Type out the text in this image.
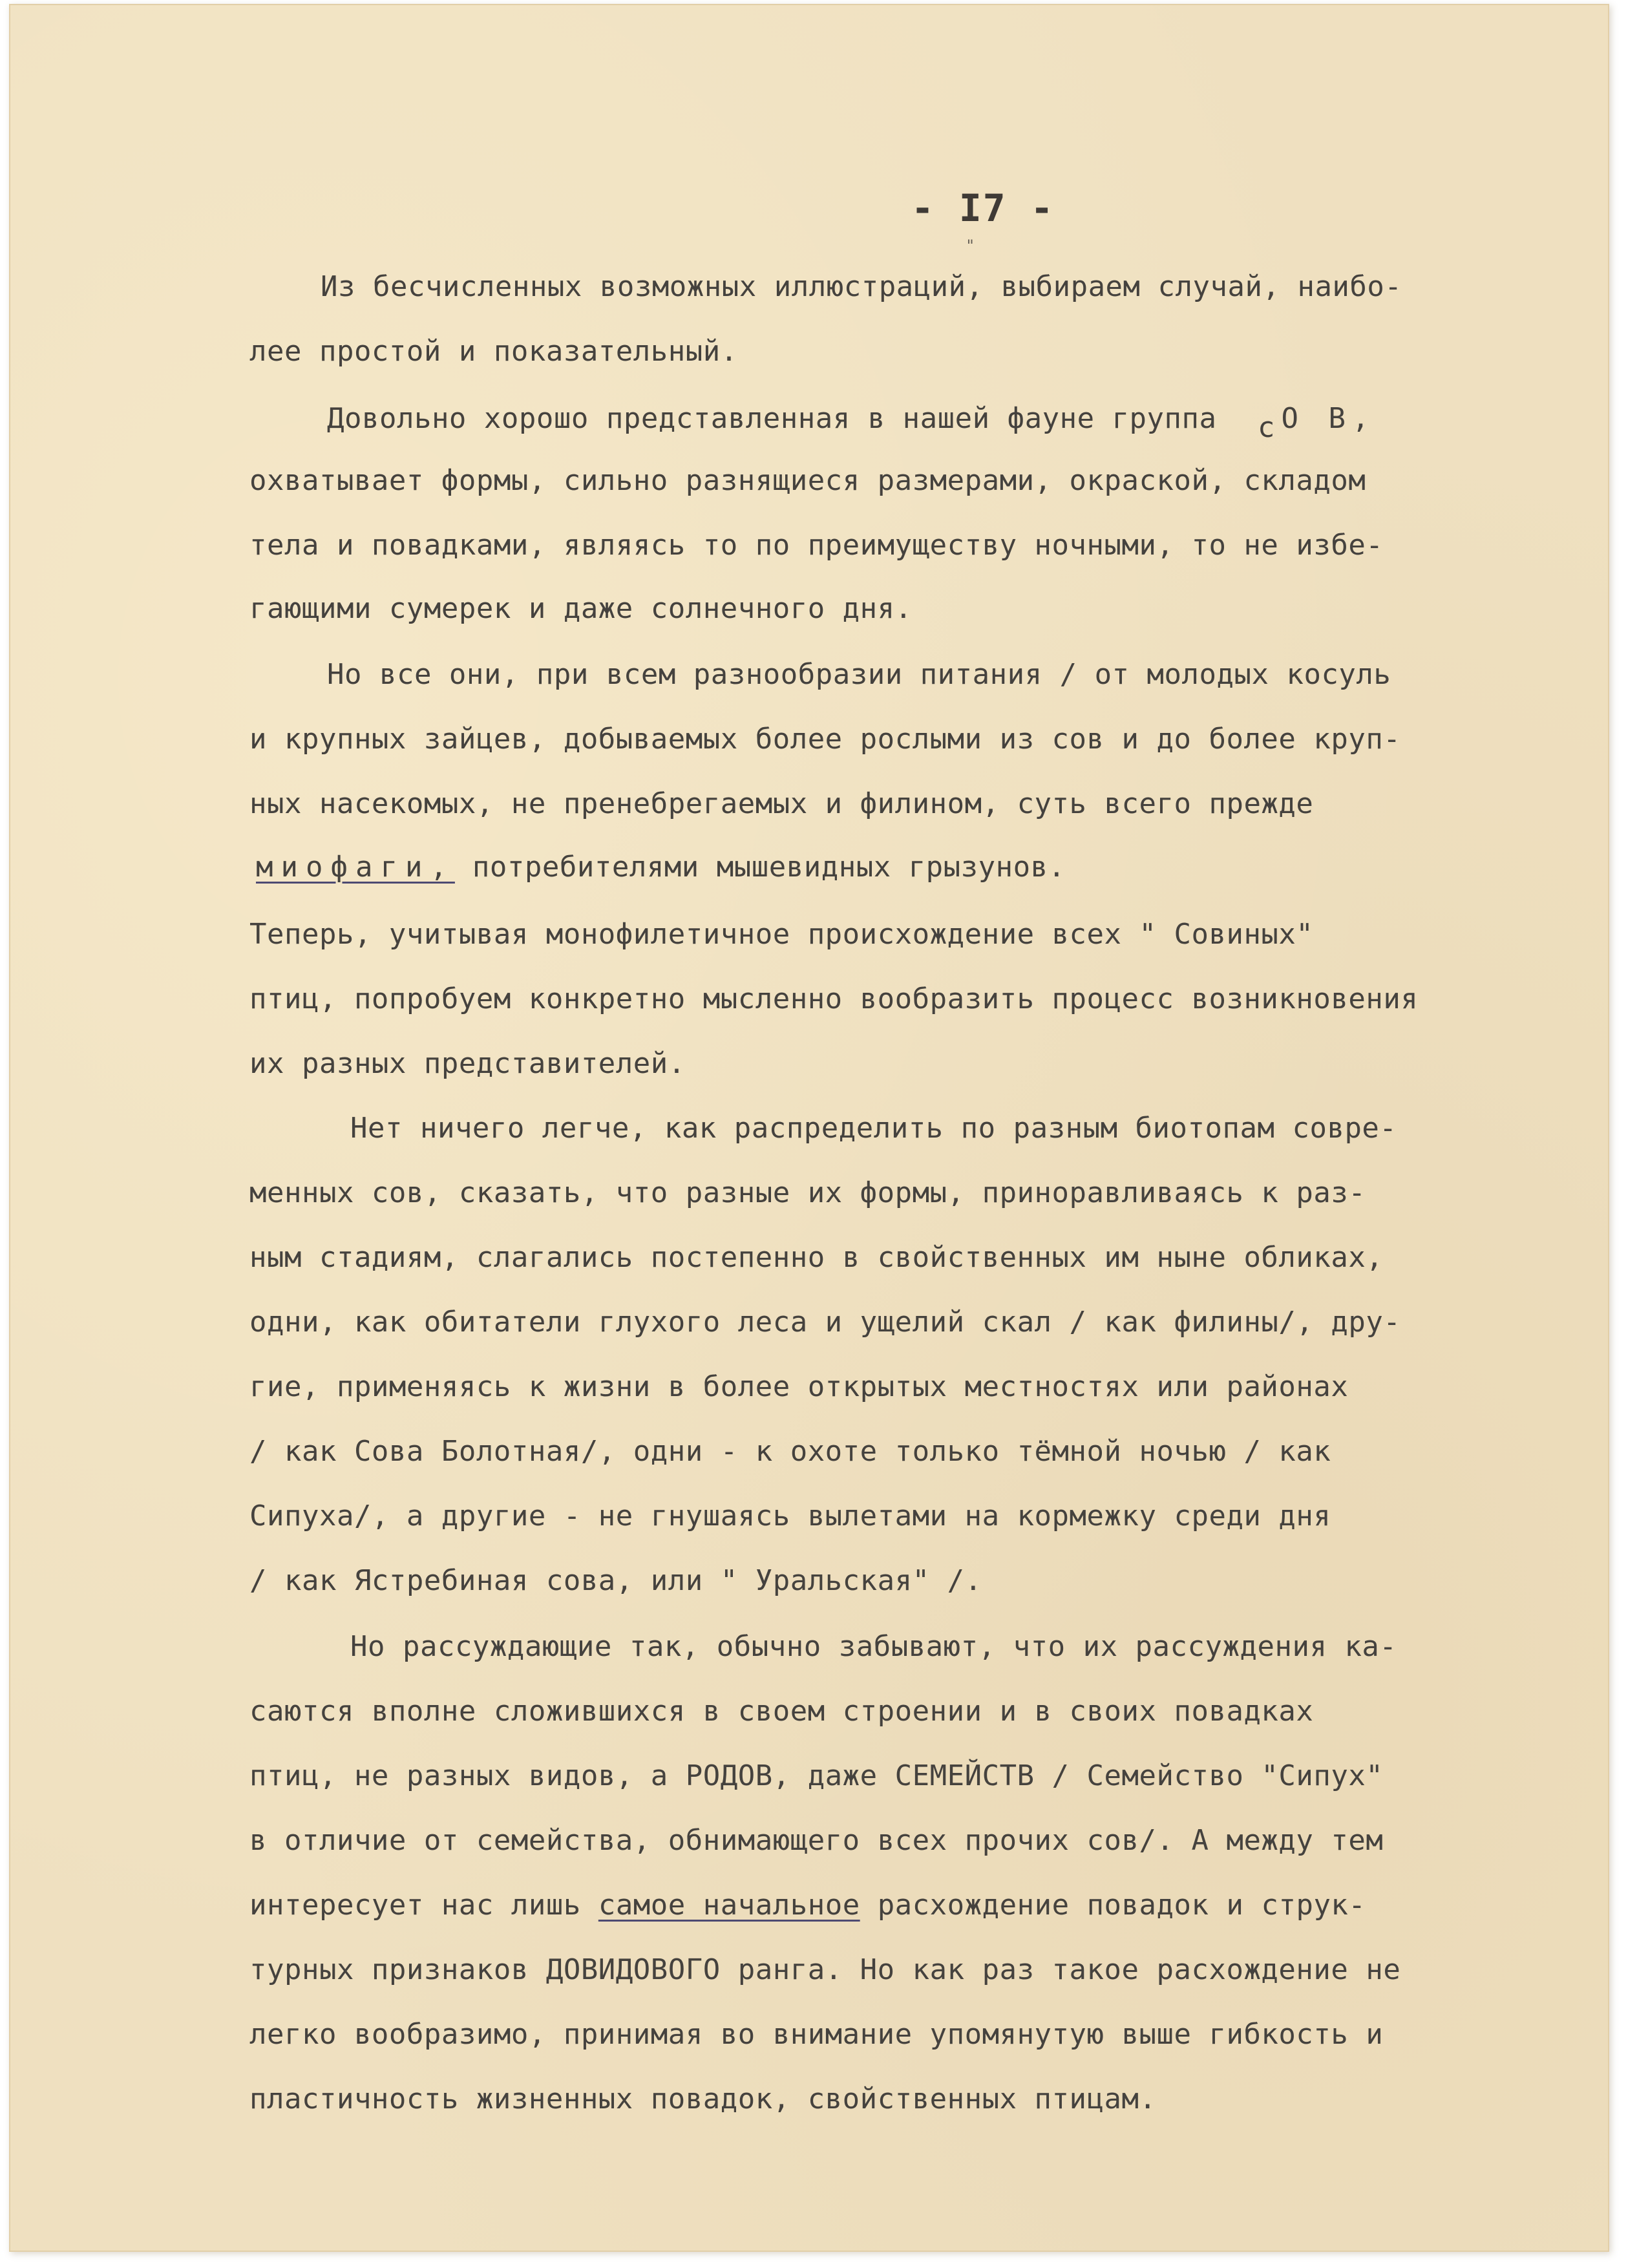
- I7 -
"
Из бесчисленных возможных иллюстраций, выбираем случай, наибо-
лее простой и показательный.
Довольно хорошо представленная в нашей фауне группа сО В,
охватывает формы, сильно разнящиеся размерами, окраской, складом
тела и повадками, являясь то по преимуществу ночными, то не избе-
гающими сумерек и даже солнечного дня.
Но все они, при всем разнообразии питания / от молодых косуль
и крупных зайцев, добываемых более рослыми из сов и до более круп-
ных насекомых, не пренебрегаемых и филином, суть всего прежде
миофаги, потребителями мышевидных грызунов.
Теперь, учитывая монофилетичное происхождение всех " Совиных"
птиц, попробуем конкретно мысленно вообразить процесс возникновения
их разных представителей.
Нет ничего легче, как распределить по разным биотопам совре-
менных сов, сказать, что разные их формы, приноравливаясь к раз-
ным стадиям, слагались постепенно в свойственных им ныне обликах,
одни, как обитатели глухого леса и ущелий скал / как филины/, дру-
гие, применяясь к жизни в более открытых местностях или районах
/ как Сова Болотная/, одни - к охоте только тёмной ночью / как
Сипуха/, а другие - не гнушаясь вылетами на кормежку среди дня
/ как Ястребиная сова, или " Уральская" /.
Но рассуждающие так, обычно забывают, что их рассуждения ка-
саются вполне сложившихся в своем строении и в своих повадках
птиц, не разных видов, а РОДОВ, даже СЕМЕЙСТВ / Семейство "Сипух"
в отличие от семейства, обнимающего всех прочих сов/. А между тем
интересует нас лишь самое начальное расхождение повадок и струк-
турных признаков ДОВИДОВОГО ранга. Но как раз такое расхождение не
легко вообразимо, принимая во внимание упомянутую выше гибкость и
пластичность жизненных повадок, свойственных птицам.
